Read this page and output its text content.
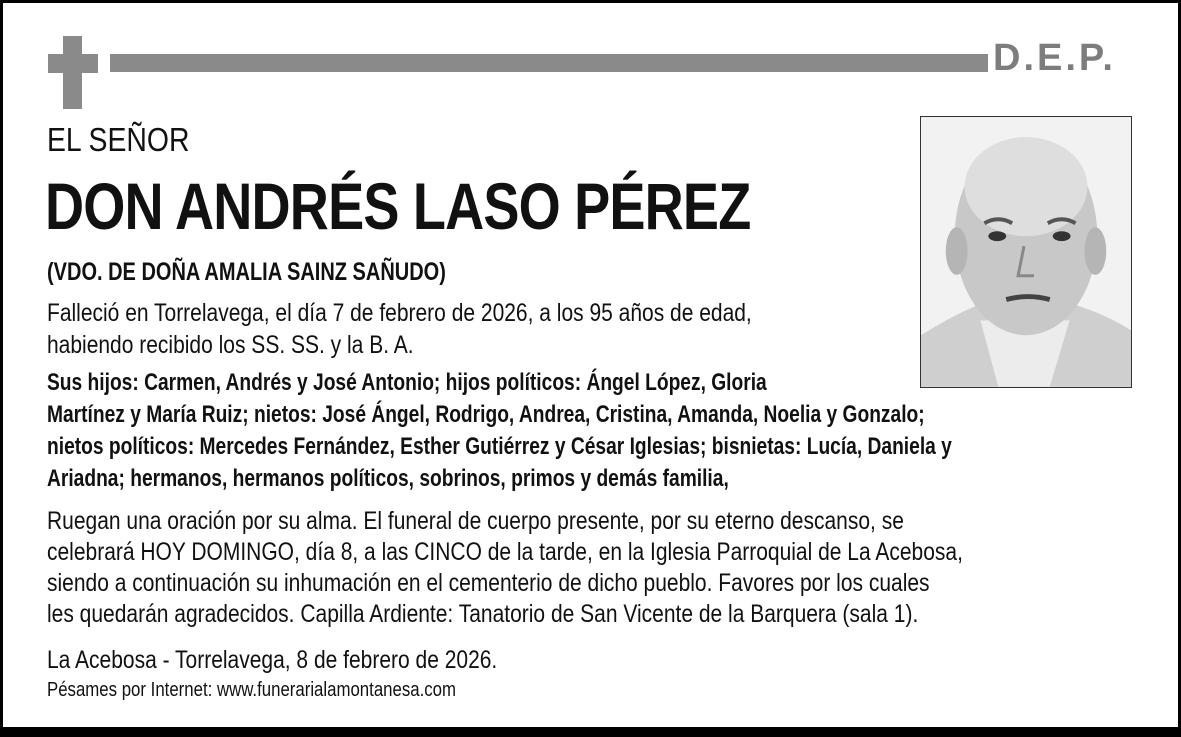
D.E.P.
EL SEÑOR
DON ANDRÉS LASO PÉREZ
(VDO. DE DOÑA AMALIA SAINZ SAÑUDO)
Falleció en Torrelavega, el día 7 de febrero de 2026, a los 95 años de edad,
habiendo recibido los SS. SS. y la B. A.
Sus hijos: Carmen, Andrés y José Antonio; hijos políticos: Ángel López, Gloria
Martínez y María Ruiz; nietos: José Ángel, Rodrigo, Andrea, Cristina, Amanda, Noelia y Gonzalo;
nietos políticos: Mercedes Fernández, Esther Gutiérrez y César Iglesias; bisnietas: Lucía, Daniela y
Ariadna; hermanos, hermanos políticos, sobrinos, primos y demás familia,
Ruegan una oración por su alma. El funeral de cuerpo presente, por su eterno descanso, se
celebrará HOY DOMINGO, día 8, a las CINCO de la tarde, en la Iglesia Parroquial de La Acebosa,
siendo a continuación su inhumación en el cementerio de dicho pueblo. Favores por los cuales
les quedarán agradecidos. Capilla Ardiente: Tanatorio de San Vicente de la Barquera (sala 1).
La Acebosa - Torrelavega, 8 de febrero de 2026.
Pésames por Internet: www.funerarialamontanesa.com
